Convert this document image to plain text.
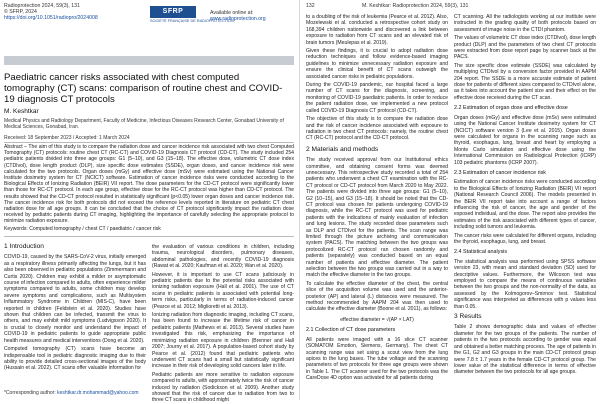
Radioprotection 2024, 59(3), 131
© SFRP, 2024
https://doi.org/10.1051/radiopro/2024008
SFRP
SOCIÉTÉ FRANÇAISE DE RADIOPROTECTION
Available online at:
www.radioprotection.org
Article
Paediatric cancer risks associated with chest computed tomography (CT) scans: comparison of routine chest and COVID-19 diagnosis CT protocols
M. Keshtkar
Medical Physics and Radiology Department, Faculty of Medicine, Infectious Diseases Research Center, Gonabad University of Medical Sciences, Gonabad, Iran.
Received: 18 September 2023 / Accepted: 1 March 2024
Abstract – The aim of this study is to compare the radiation dose and cancer incidence risk associated with two chest Computed Tomography (CT) protocols: routine chest CT (RC-CT) and COVID-19 Diagnosis CT protocol (CD-CT). The study included 254 pediatric patients divided into three age groups: G1 (5–10), and G3 (15–18). The effective dose, volumetric CT dose index (CTDIvol), dose length product (DLP), size specific dose estimates (SSDE), organ doses, and cancer incidence risk were calculated for the two protocols. Organ doses (mGy) and effective dose (mSv) were estimated using the National Cancer Institute dosimetry system for CT (NCICT) software. Estimation of cancer incidence risks were conducted according to the Biological Effects of Ionizing Radiation (BEIR) VII report. The dose parameters for the CD-CT protocol were significantly lower than those for RC-CT protocol. In each age group, effective dose for the RC-CT protocol was higher than CD-CT protocol. The results showed that the CD-CT protocol resulted in statistically significant (p<0.05) lower organ doses and cancer incidence risk. The cancer incidence risk for both protocols did not exceed the reference levels reported in literature on pediatric CT chest radiation dose for all age groups. It can be concluded that the choice of CT protocol significantly impact the radiation dose received by pediatric patients during CT imaging, highlighting the importance of carefully selecting the appropriate protocol to minimize radiation exposure.
Keywords: Computed tomography / chest CT / paediatric / cancer risk
1 Introduction

COVID-19, caused by the SARS-CoV-2 virus, initially emerged as a respiratory illness primarily affecting the lungs, but it has also been observed in pediatric populations (Zimmermann and Curtis 2020). Children may exhibit a milder or asymptomatic course of infection compared to adults, often experience milder symptoms compared to adults, some children may develop severe symptoms and complications, such as Multisystem Inflammatory Syndrome in Children (MIS-C), have been reported in children (Feldstein et al. 2020). Studies have shown that children can be infected, transmit the virus to others, and may exhibit mild symptoms (Ludvigsson 2020). It is crucial to closely monitor and understand the impact of COVID-19 in pediatric patients to guide appropriate public health measures and medical interventions (Dong et al. 2020).

Computed tomography (CT) scans have become an indispensable tool in pediatric diagnostic imaging due to their ability to provide detailed cross-sectional images of the body (Hussain et al. 2022). CT scans offer valuable information for

the evaluation of various conditions in children, including trauma, neurological disorders, pulmonary diseases, abdominal pathologies, and recently COVID-19 diagnosis (Rawat et al. 2020; Kaufman et al. 2020; Wan et al. 2020).

However, it is important to use CT scans judiciously in pediatric patients due to the potential risks associated with ionizing radiation exposure (Hall et al. 2001). The use of CT scans in pediatric patients is associated with potential long-term risks, particularly in terms of radiation-induced cancer (Pearce et al. 2012; Miglioretti et al. 2013).

Ionizing radiation from diagnostic imaging, including CT scans, has been found to increase the lifetime risk of cancer in pediatric patients (Mathews et al. 2013). Several studies have investigated this risk, emphasizing the importance of minimizing radiation exposure in children (Brenner and Hall 2007; Journy et al. 2017). A population-based cohort study by Pearce et al. (2012) found that pediatric patients who underwent CT scans had a small but statistically significant increase in their risk of developing solid cancers later in life.

Pediatric patients are more sensitive to radiation exposure compared to adults, with approximately twice the risk of cancer induced by radiation (Sodickson et al. 2009). Another study showed that the risk of cancer due to radiation from two to three CT scans in childhood might

*Corresponding author: keshtkar.dr.mohammad@yahoo.com
132	M. Keshtkar: Radioprotection 2024, 59(3), 131

to a doubling of the risk of leukemia (Pearce et al. 2012). Also, Mozelewski et al. conducted a retrospective cohort study on 168,394 children nationwide and discovered a link between exposure to radiation from CT scans and an elevated risk of brain tumors (Meulepas et al. 2019).

Given these findings, it is crucial to adopt radiation dose reduction techniques and follow evidence-based imaging guidelines to minimize unnecessary radiation exposure and ensure the clinical benefit of CT scans outweigh the associated cancer risks in pediatric populations.

During the COVID-19 pandemic, our hospital faced a large number of CT scans for the diagnosis, screening, and monitoring of COVID-19 paediatric patients. In order to reduce the patient radiation dose, we implemented a new protocol called COVID-19 Diagnosis CT protocol (CD-CT).

The objective of this study is to compare the radiation dose and the risk of cancer incidence associated with exposure to radiation in two chest CT protocols: namely, the routine chest CT (RC-CT) protocol and the CD-CT protocol.

2 Materials and methods

The study received approval from our Institutional ethics committee, and obtaining consent forms was deemed unnecessary. This retrospective study recorded a total of 254 patients who underwent a chest CT examination with the RC-CT protocol or CD-CT protocol from March 2020 to May 2022. The patients were divided into three age groups: G1 (5–10), G2 (10–15), and G3 (15–18). It should be noted that the CD-CT protocol was chosen for patients undergoing COVID-19 diagnosis, while the RC-CT protocol was used for pediatric patients with the indications of mainly evaluation of infection and lung lesions. The study recorded dose parameters such as DLP and CTDIvol for the patients. The scan range was limited through the picture archiving and communication system (PACS). The matching between the two groups was protocolized RC-CT protocol ran chosen randomly and patients (separately) was conducted based on an equal number of patients and effective diameter. The patient selection between the two groups was carried out in a way to match the effective diameter in the two groups.

To calculate the effective diameter of the chest, the central slice of the acquisition volume was used and the anterior-posterior (AP) and lateral (L) distances were measured. The method recommended by AAPM 204 was then used to calculate the effective diameter (Boone et al. 2011), as follows:

effective diameter = √(AP × LAT)
2.1 Collection of CT dose parameters

All patients were imaged with a 16 slice CT scanner (SOMATOM Emotion, Siemens, Germany). The chest CT scanning range was set using a scout view from the lung apices to the lung bases. The tube voltage and the scanning parameters of two protocols for three age groups were shown in Table 1. The CT scanner used for the two protocols was the CareDose 4D option was activated for all patients during

CT scanning. All the radiologists working at our institute were instructed in the grading quality of both protocols based on assessment of image noise in the CTDI phantom.

The values of volumetric CT dose index (CTDIvol), dose length product (DLP) and the parameters of two chest CT protocols were extracted from dose report page by scanner back at the PACS.

The size specific dose estimate (SSDE) was calculated by multiplying CTDIvol by a conversion factor provided in AAPM 204 report. The SSDE is a more accurate estimate of patient dose for patients of different sizes compared to CTDIvol alone, as it takes into account the patient size and their effect on the effective dose received during the CT scan.

2.2 Estimation of organ dose and effective dose

Organ doses (mGy) and effective dose (mSv) were estimated using the National Cancer Institute dosimetry system for CT (NCICT) software version 3 (Lee et al. 2015). Organ doses were calculated for organs in the scanning range such as thyroid, esophagus, lung, breast and heart by employing a Monte Carlo simulation and effective dose using the International Commission on Radiological Protection (ICRP) 103 pediatric phantoms (ICRP 2007).

2.3 Estimation of cancer incidence risk

Estimation of cancer incidence risks were conducted according to the Biological Effects of Ionizing Radiation (BEIR) VII report (National Research Council 2006). The models presented in the BEIR VII report take into account a range of factors influencing the risk of cancer, the age and gender of the exposed individual, and the dose. The report also provides the estimates of the risk associated with different types of cancer, including solid tumors and leukemia.

The cancer risks were calculated for different organs, including the thyroid, esophagus, lung, and breast.

2.4 Statistical analysis

The statistical analysis was performed using SPSS software version 23, with mean and standard deviation (SD) used for descriptive values. Furthermore, the Wilcoxon test was employed to compare the means of continuous variables between the two groups and the non-normality of the data, as assessed by the Kolmogorov–Smirnov test. Statistical significance was interpreted as differences with p values less than 0.05.

3 Results

Table 2 shows demographic data and values of effective diameter for the two groups of the patients. The number of patients in the two protocols according to gender was equal and obtained a better matching process. The age of patients in the G1, G2 and G3 groups in the main CD-CT protocol group were 7.8 ± 1.7 years in the female CD-CT protocol group. The lower value of the statistical difference in terms of effective diameter between the two protocols for all age groups.
